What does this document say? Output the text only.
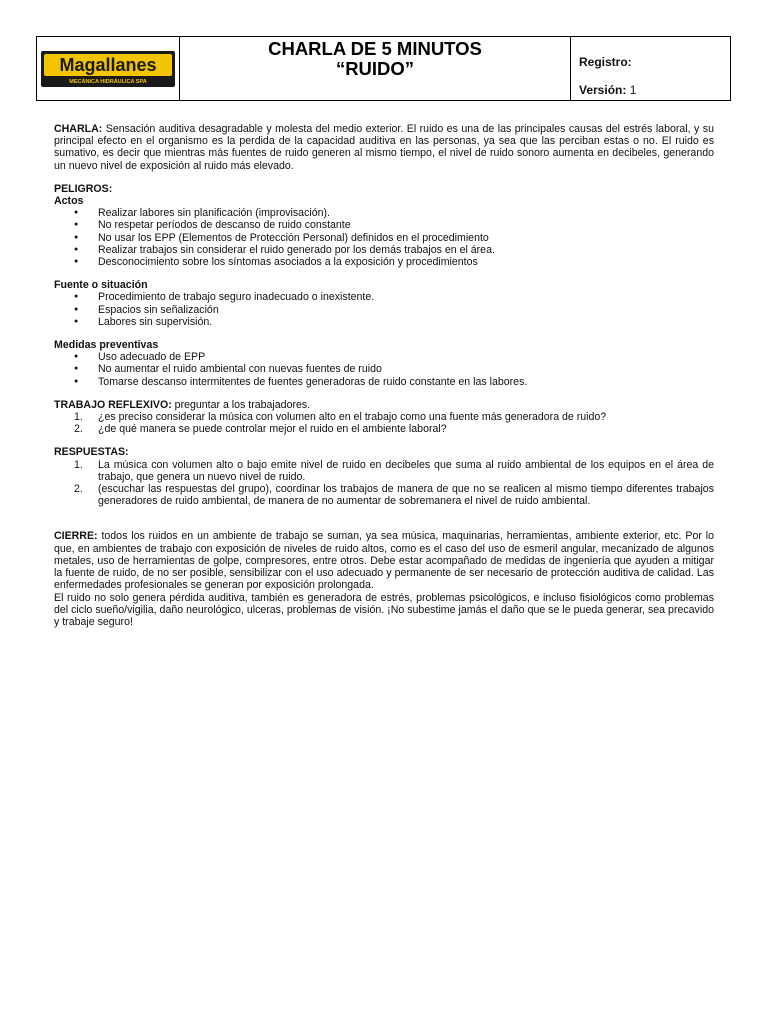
Magallanes
MECÁNICA HIDRÁULICA SPA
CHARLA DE 5 MINUTOS
“RUIDO”	Registro:
Versión: 1

CHARLA: Sensación auditiva desagradable y molesta del medio exterior. El ruido es una de las principales causas del estrés laboral, y su principal efecto en el organismo es la perdida de la capacidad auditiva en las personas, ya sea que las perciban estas o no. El ruido es sumativo, es decir que mientras más fuentes de ruido generen al mismo tiempo, el nivel de ruido sonoro aumenta en decibeles, generando un nuevo nivel de exposición al ruido más elevado.

PELIGROS:
Actos
● Realizar labores sin planificación (improvisación).
● No respetar períodos de descanso de ruido constante
● No usar los EPP (Elementos de Protección Personal) definidos en el procedimiento
● Realizar trabajos sin considerar el ruido generado por los demás trabajos en el área.
● Desconocimiento sobre los síntomas asociados a la exposición y procedimientos
Fuente o situación
● Procedimiento de trabajo seguro inadecuado o inexistente.
● Espacios sin señalización
● Labores sin supervisión.
Medidas preventivas
● Uso adecuado de EPP
● No aumentar el ruido ambiental con nuevas fuentes de ruido
● Tomarse descanso intermitentes de fuentes generadoras de ruido constante en las labores.
TRABAJO REFLEXIVO: preguntar a los trabajadores.
1. ¿es preciso considerar la música con volumen alto en el trabajo como una fuente más generadora de ruido?
2. ¿de qué manera se puede controlar mejor el ruido en el ambiente laboral?
RESPUESTAS:
1. La música con volumen alto o bajo emite nivel de ruido en decibeles que suma al ruido ambiental de los equipos en el área de trabajo, que genera un nuevo nivel de ruido.
2. (escuchar las respuestas del grupo), coordinar los trabajos de manera de que no se realicen al mismo tiempo diferentes trabajos generadores de ruido ambiental, de manera de no aumentar de sobremanera el nivel de ruido ambiental.

CIERRE: todos los ruidos en un ambiente de trabajo se suman, ya sea música, maquinarias, herramientas, ambiente exterior, etc. Por lo que, en ambientes de trabajo con exposición de niveles de ruido altos, como es el caso del uso de esmeril angular, mecanizado de algunos metales, uso de herramientas de golpe, compresores, entre otros. Debe estar acompañado de medidas de ingeniería que ayuden a mitigar la fuente de ruido, de no ser posible, sensibilizar con el uso adecuado y permanente de ser necesario de protección auditiva de calidad. Las enfermedades profesionales se generan por exposición prolongada.

El ruido no solo genera pérdida auditiva, también es generadora de estrés, problemas psicológicos, e incluso fisiológicos como problemas del ciclo sueño/vigilia, daño neurológico, ulceras, problemas de visión. ¡No subestime jamás el daño que se le pueda generar, sea precavido y trabaje seguro!
